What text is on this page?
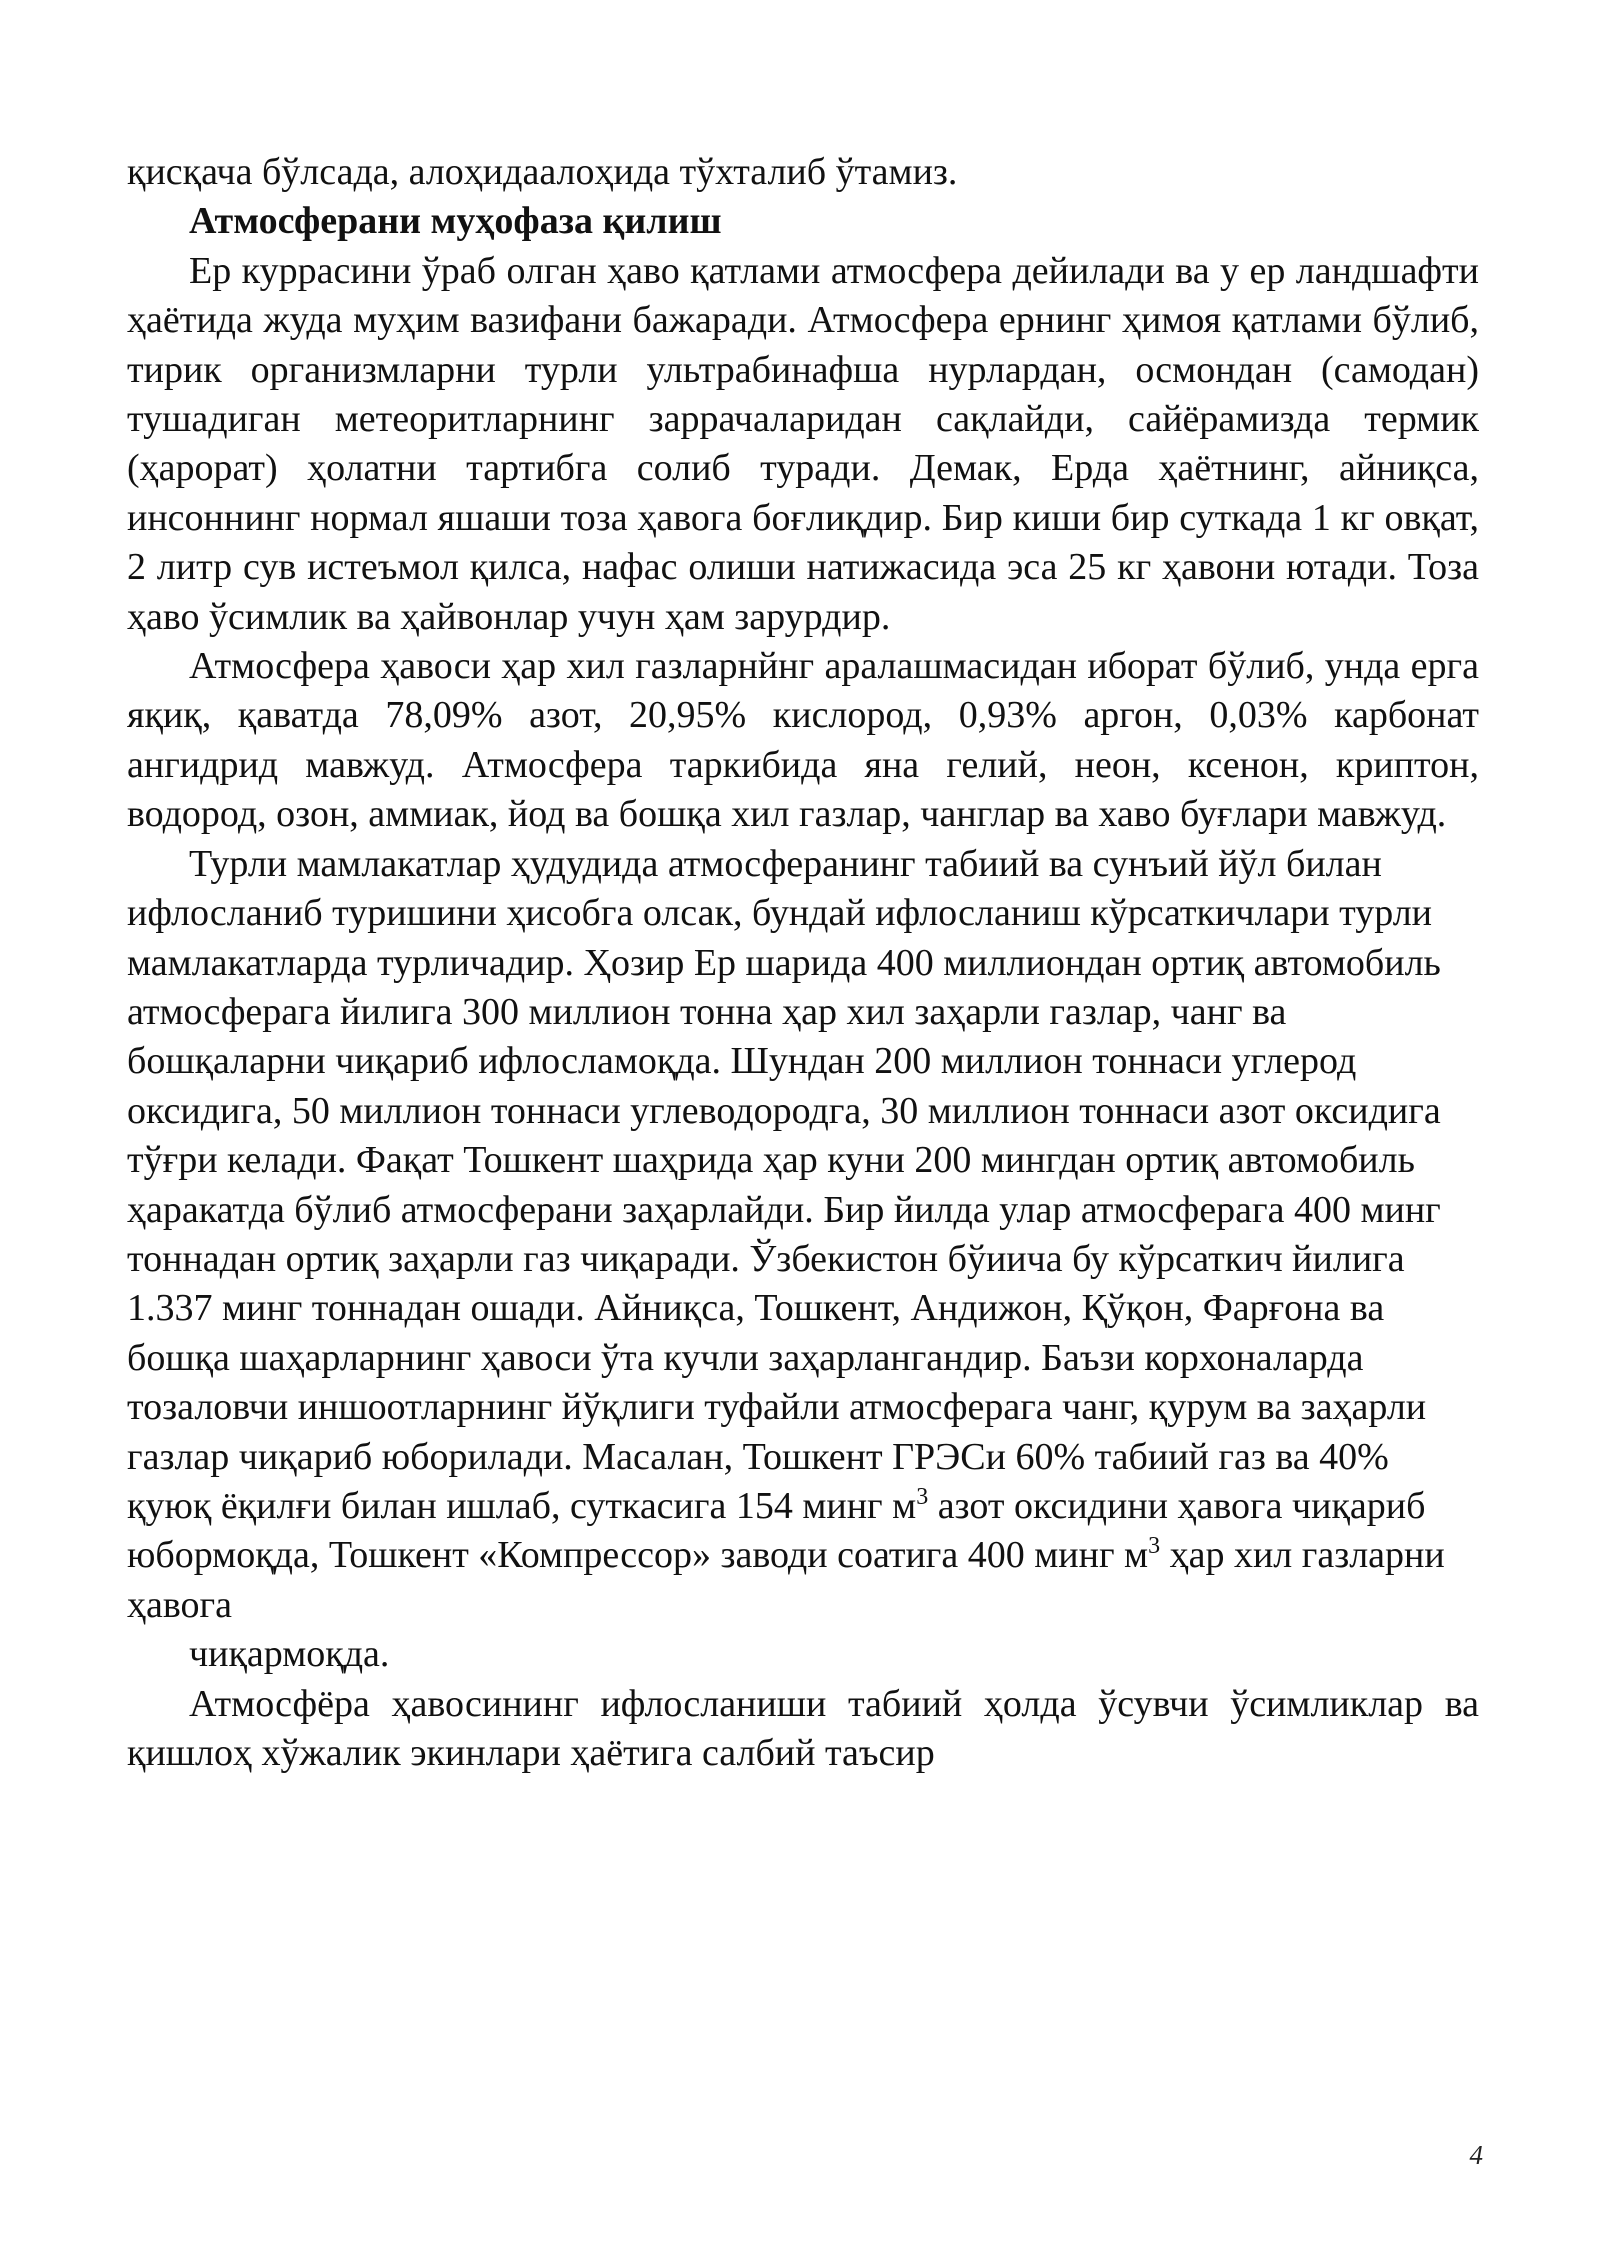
қисқача бўлсада, алоҳидаалоҳида тўхталиб ўтамиз.

Атмосферани муҳофаза қилиш

Ер куррасини ўраб олган ҳаво қатлами атмосфера дейилади ва у ер ландшафти ҳаётида жуда муҳим вазифани бажаради. Атмосфера ернинг ҳимоя қатлами бўлиб, тирик организмларни турли ультрабинафша нурлардан, осмондан (самодан) тушадиган метеоритларнинг заррачаларидан сақлайди, сайёрамизда термик (ҳарорат) ҳолатни тартибга солиб туради. Демак, Ерда ҳаётнинг, айниқса, инсоннинг нормал яшаши тоза ҳавога боғлиқдир. Бир киши бир суткада 1 кг овқат, 2 литр сув истеъмол қилса, нафас олиши натижасида эса 25 кг ҳавони ютади. Тоза ҳаво ўсимлик ва ҳайвонлар учун ҳам зарурдир.

Атмосфера ҳавоси ҳар хил газларнйнг аралашмасидан иборат бўлиб, унда ерга яқиқ, қаватда 78,09% азот, 20,95% кислород, 0,93% аргон, 0,03% карбонат ангидрид мавжуд. Атмосфера таркибида яна гелий, неон, ксенон, криптон, водород, озон, аммиак, йод ва бошқа хил газлар, чанглар ва хаво буғлари мавжуд.

Турли мамлакатлар ҳудудида атмосферанинг табиий ва сунъий йўл билан ифлосланиб туришини ҳисобга олсак, бундай ифлосланиш кўрсаткичлари турли мамлакатларда турличадир. Ҳозир Ер шарида 400 миллиондан ортиқ автомобиль атмосферага йилига 300 миллион тонна ҳар хил заҳарли газлар, чанг ва бошқаларни чиқариб ифлосламоқда. Шундан 200 миллион тоннаси углерод оксидига, 50 миллион тоннаси углеводородга, 30 миллион тоннаси азот оксидига тўғри келади. Фақат Тошкент шаҳрида ҳар куни 200 мингдан ортиқ автомобиль ҳаракатда бўлиб атмосферани заҳарлайди. Бир йилда улар атмосферага 400 минг тоннадан ортиқ заҳарли газ чиқаради. Ўзбекистон бўиича бу кўрсаткич йилига 1.337 минг тоннадан ошади. Айниқса, Тошкент, Андижон, Қўқон, Фарғона ва бошқа шаҳарларнинг ҳавоси ўта кучли заҳарлангандир. Баъзи корхоналарда тозаловчи иншоотларнинг йўқлиги туфайли атмосферага чанг, қурум ва заҳарли газлар чиқариб юборилади. Масалан, Тошкент ГРЭСи 60% табиий газ ва 40% қуюқ ёқилғи билан ишлаб, суткасига 154 минг $м^3$ азот оксидини ҳавога чиқариб юбормоқда, Тошкент «Компрессор» заводи соатига 400 минг $м^3$ ҳар хил газларни ҳавога

чиқармоқда.

Атмосфёра ҳавосининг ифлосланиши табиий ҳолда ўсувчи ўсимликлар ва қишлоҳ хўжалик экинлари ҳаётига салбий таъсир

4
